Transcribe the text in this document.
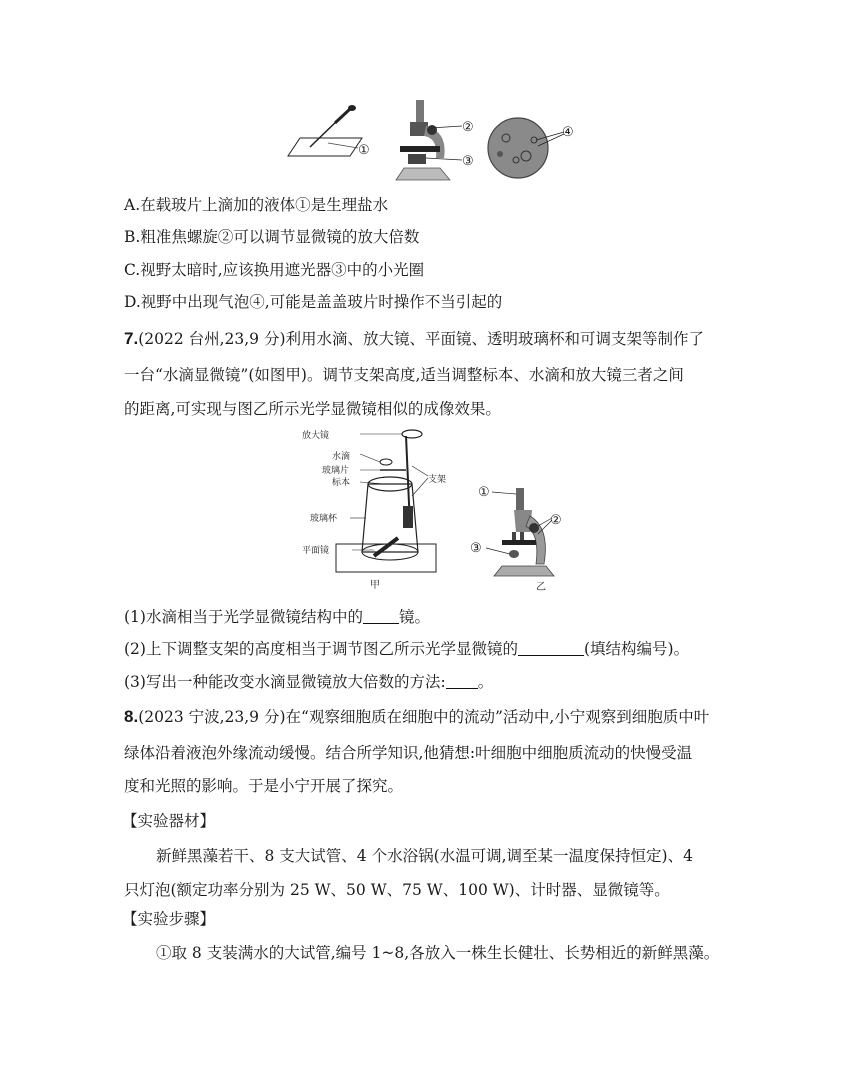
①
②
③
④
A.在载玻片上滴加的液体①是生理盐水
B.粗准焦螺旋②可以调节显微镜的放大倍数
C.视野太暗时,应该换用遮光器③中的小光圈
D.视野中出现气泡④,可能是盖盖玻片时操作不当引起的
7.(2022 台州,23,9 分)利用水滴、放大镜、平面镜、透明玻璃杯和可调支架等制作了
一台“水滴显微镜”(如图甲)。调节支架高度,适当调整标本、水滴和放大镜三者之间
的距离,可实现与图乙所示光学显微镜相似的成像效果。
放大镜
水滴
玻璃片
标本	支架
玻璃杯
平面镜
甲
①
②
③
乙
(1)水滴相当于光学显微镜结构中的 镜。
(2)上下调整支架的高度相当于调节图乙所示光学显微镜的	(填结构编号)。
(3)写出一种能改变水滴显微镜放大倍数的方法: 。
8.(2023 宁波,23,9 分)在“观察细胞质在细胞中的流动”活动中,小宁观察到细胞质中叶
绿体沿着液泡外缘流动缓慢。结合所学知识,他猜想:叶细胞中细胞质流动的快慢受温
度和光照的影响。于是小宁开展了探究。
【实验器材】
新鲜黑藻若干、8 支大试管、4 个水浴锅(水温可调,调至某一温度保持恒定)、4
只灯泡(额定功率分别为 25 W、50 W、75 W、100 W)、计时器、显微镜等。
【实验步骤】
①取 8 支装满水的大试管,编号 1~8,各放入一株生长健壮、长势相近的新鲜黑藻。
